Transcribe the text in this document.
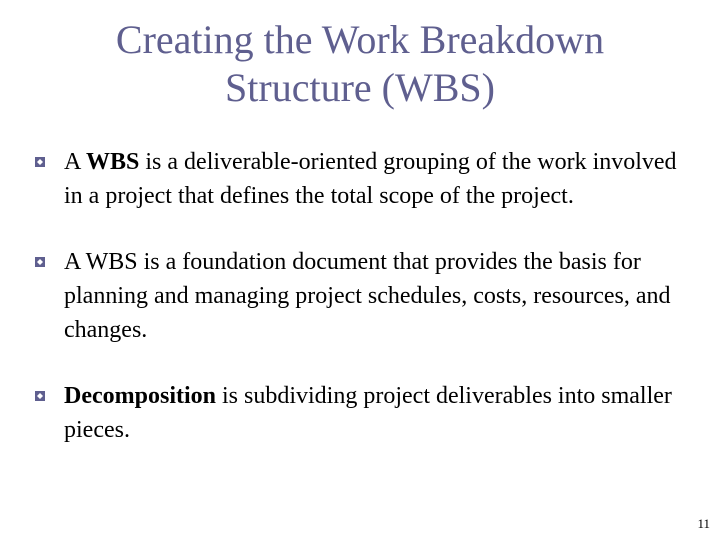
Creating the Work Breakdown
Structure (WBS)
A WBS is a deliverable-oriented grouping of the work involved in a project that defines the total scope of the project.
A WBS is a foundation document that provides the basis for planning and managing project schedules, costs, resources, and changes.
Decomposition is subdividing project deliverables into smaller pieces.
11
